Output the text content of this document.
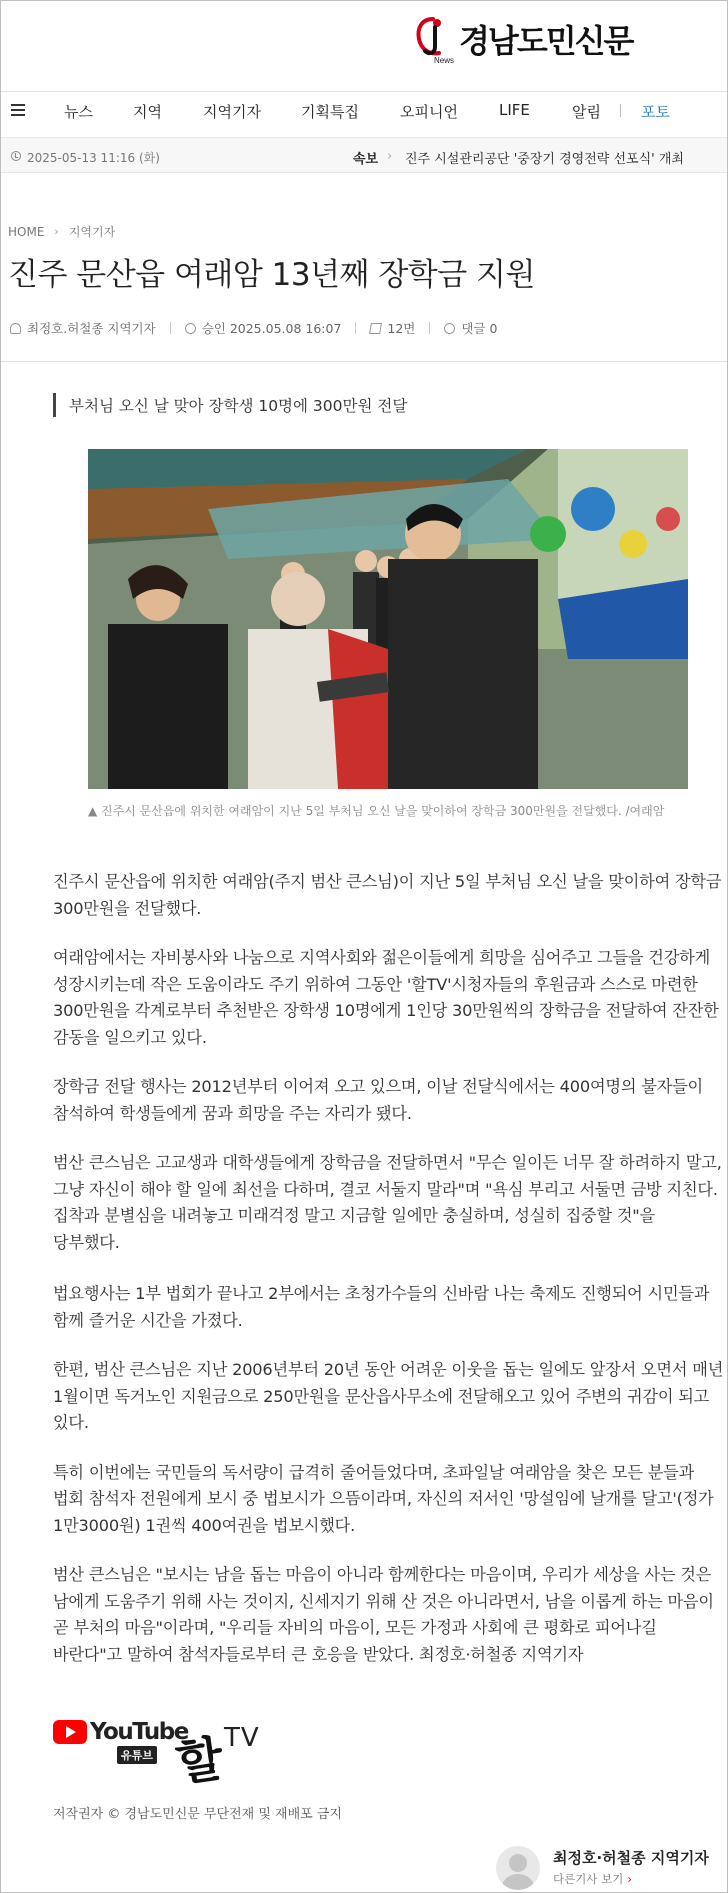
News
경남도민신문
뉴스	지역	지역기자	기획특집	오피니언	LIFE	알림	포토
2025-05-13 11:16 (화)	속보 › 진주 시설관리공단 '중장기 경영전략 선포식' 개최
HOME › 지역기자
진주 문산읍 여래암 13년째 장학금 지원
최정호.허철종 지역기자	승인 2025.05.08 16:07	12면	댓글 0
부처님 오신 날 맞아 장학생 10명에 300만원 전달
▲ 진주시 문산읍에 위치한 여래암이 지난 5일 부처님 오신 날을 맞이하여 장학금 300만원을 전달했다. /여래암

진주시 문산읍에 위치한 여래암(주지 범산 큰스님)이 지난 5일 부처님 오신 날을 맞이하여 장학금 300만원을 전달했다.

여래암에서는 자비봉사와 나눔으로 지역사회와 젊은이들에게 희망을 심어주고 그들을 건강하게 성장시키는데 작은 도움이라도 주기 위하여 그동안 '할TV'시청자들의 후원금과 스스로 마련한 300만원을 각계로부터 추천받은 장학생 10명에게 1인당 30만원씩의 장학금을 전달하여 잔잔한 감동을 일으키고 있다.

장학금 전달 행사는 2012년부터 이어져 오고 있으며, 이날 전달식에서는 400여명의 불자들이 참석하여 학생들에게 꿈과 희망을 주는 자리가 됐다.

범산 큰스님은 고교생과 대학생들에게 장학금을 전달하면서 "무슨 일이든 너무 잘 하려하지 말고, 그냥 자신이 해야 할 일에 최선을 다하며, 결코 서둘지 말라"며 "욕심 부리고 서둘면 금방 지친다. 집착과 분별심을 내려놓고 미래걱정 말고 지금할 일에만 충실하며, 성실히 집중할 것"을 당부했다.

법요행사는 1부 법회가 끝나고 2부에서는 초청가수들의 신바람 나는 축제도 진행되어 시민들과 함께 즐거운 시간을 가졌다.

한편, 범산 큰스님은 지난 2006년부터 20년 동안 어려운 이웃을 돕는 일에도 앞장서 오면서 매년 1월이면 독거노인 지원금으로 250만원을 문산읍사무소에 전달해오고 있어 주변의 귀감이 되고 있다.

특히 이번에는 국민들의 독서량이 급격히 줄어들었다며, 초파일날 여래암을 찾은 모든 분들과 법회 참석자 전원에게 보시 중 법보시가 으뜸이라며, 자신의 저서인 '망설임에 날개를 달고'(정가 1만3000원) 1권씩 400여권을 법보시했다.

범산 큰스님은 "보시는 남을 돕는 마음이 아니라 함께한다는 마음이며, 우리가 세상을 사는 것은 남에게 도움주기 위해 사는 것이지, 신세지기 위해 산 것은 아니라면서, 남을 이롭게 하는 마음이 곧 부처의 마음"이라며, "우리들 자비의 마음이, 모든 가정과 사회에 큰 평화로 피어나길 바란다"고 말하여 참석자들로부터 큰 호응을 받았다. 최정호·허철종 지역기자

YouTube
유튜브 할 TV
저작권자 © 경남도민신문 무단전재 및 재배포 금지
최정호·허철종 지역기자
다른기사 보기 ›
